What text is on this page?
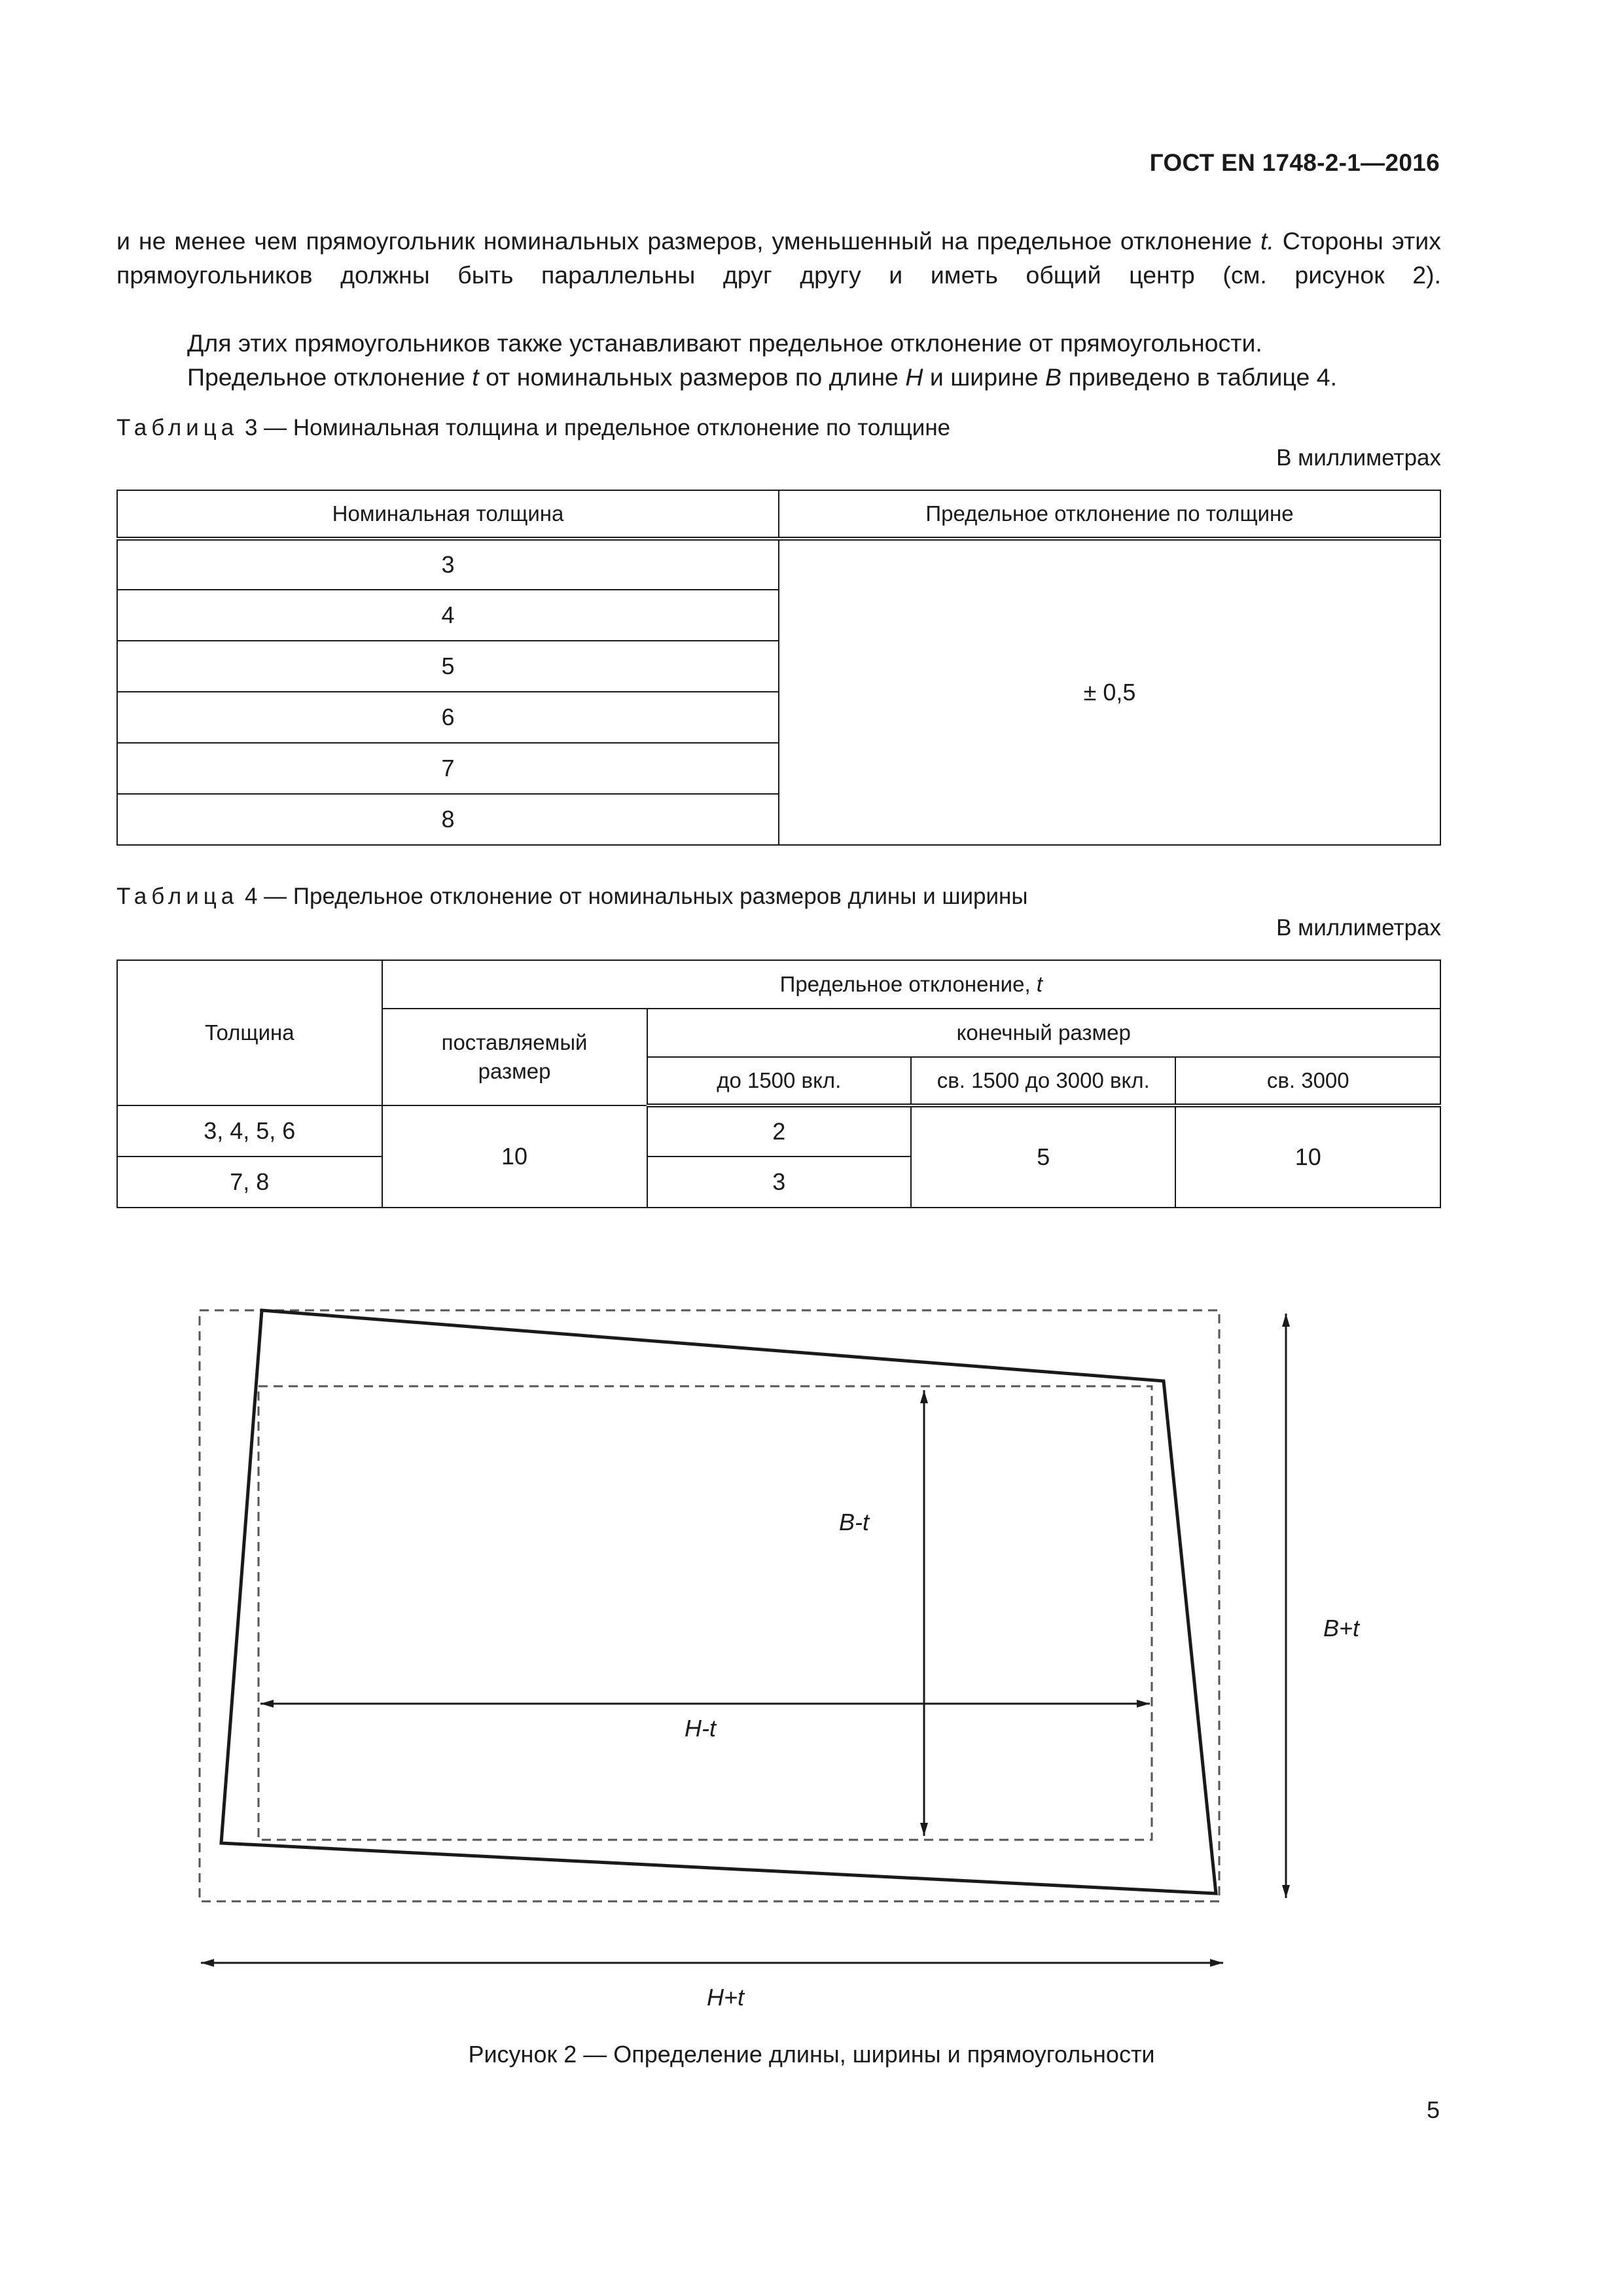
ГОСТ EN 1748-2-1—2016

и не менее чем прямоугольник номинальных размеров, уменьшенный на предельное отклонение t. Стороны этих прямоугольников должны быть параллельны друг другу и иметь общий центр (см. рисунок 2).

Для этих прямоугольников также устанавливают предельное отклонение от прямоугольности.

Предельное отклонение t от номинальных размеров по длине H и ширине B приведено в таблице 4.

Таблица 3 — Номинальная толщина и предельное отклонение по толщине
В миллиметрах
Номинальная толщина	Предельное отклонение по толщине
3	± 0,5
4	
5	
6	
7	
8	
Таблица 4 — Предельное отклонение от номинальных размеров длины и ширины
В миллиметрах
Толщина	Предельное отклонение, t			
	поставляемый размер	конечный размер		
		до 1500 вкл.	св. 1500 до 3000 вкл.	св. 3000
3, 4, 5, 6	10	2	5	10
7, 8		3		
B-t
H-t
B+t
H+t
Рисунок 2 — Определение длины, ширины и прямоугольности
5
